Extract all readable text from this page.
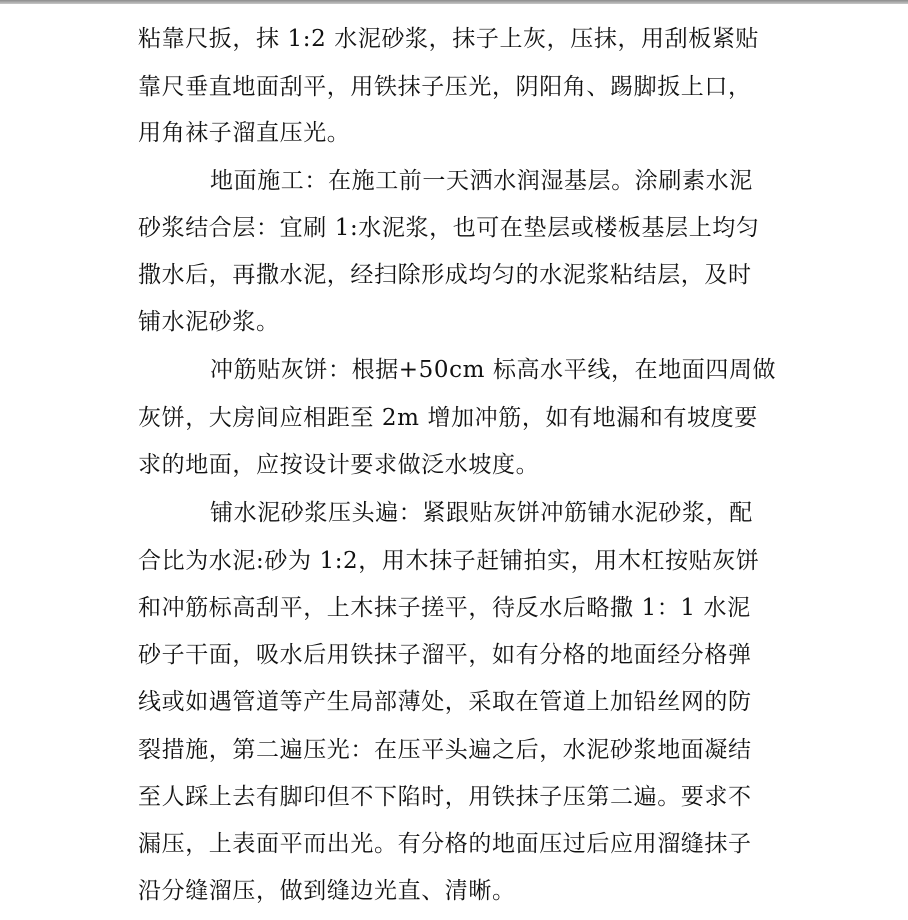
粘靠尺扳，抹 1:2 水泥砂浆，抹子上灰，压抹，用刮板紧贴
靠尺垂直地面刮平，用铁抹子压光，阴阳角、踢脚扳上口，
用角袜子溜直压光。
地面施工：在施工前一天洒水润湿基层。涂刷素水泥
砂浆结合层：宜刷 1:水泥浆，也可在垫层或楼板基层上均匀
撒水后，再撒水泥，经扫除形成均匀的水泥浆粘结层，及时
铺水泥砂浆。
冲筋贴灰饼：根据+50cm 标高水平线，在地面四周做
灰饼，大房间应相距至 2m 增加冲筋，如有地漏和有坡度要
求的地面，应按设计要求做泛水坡度。
铺水泥砂浆压头遍：紧跟贴灰饼冲筋铺水泥砂浆，配
合比为水泥:砂为 1:2，用木抹子赶铺拍实，用木杠按贴灰饼
和冲筋标高刮平，上木抹子搓平，待反水后略撒 1：1 水泥
砂子干面，吸水后用铁抹子溜平，如有分格的地面经分格弹
线或如遇管道等产生局部薄处，采取在管道上加铅丝网的防
裂措施，第二遍压光：在压平头遍之后，水泥砂浆地面凝结
至人踩上去有脚印但不下陷时，用铁抹子压第二遍。要求不
漏压，上表面平而出光。有分格的地面压过后应用溜缝抹子
沿分缝溜压，做到缝边光直、清晰。
